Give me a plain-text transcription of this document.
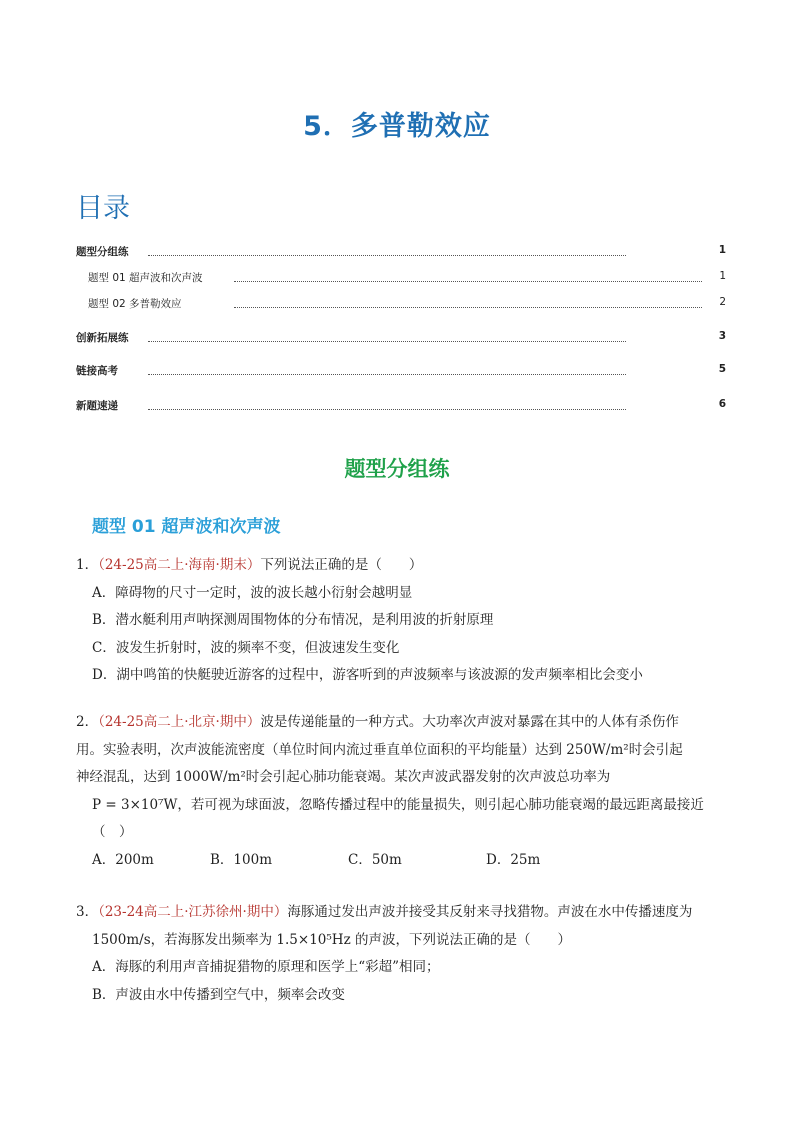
5．多普勒效应
目录
题型分组练	1
题型 01 超声波和次声波	1
题型 02 多普勒效应	2
创新拓展练	3
链接高考	5
新题速递	6
题型分组练
题型 01 超声波和次声波
1．（24-25高二上·海南·期末）下列说法正确的是（　　）
A．障碍物的尺寸一定时，波的波长越小衍射会越明显
B．潜水艇利用声呐探测周围物体的分布情况，是利用波的折射原理
C．波发生折射时，波的频率不变，但波速发生变化
D．湖中鸣笛的快艇驶近游客的过程中，游客听到的声波频率与该波源的发声频率相比会变小
2．（24-25高二上·北京·期中）波是传递能量的一种方式。大功率次声波对暴露在其中的人体有杀伤作
用。实验表明，次声波能流密度（单位时间内流过垂直单位面积的平均能量）达到 250W/m²时会引起
神经混乱，达到 1000W/m²时会引起心肺功能衰竭。某次声波武器发射的次声波总功率为
P = 3×10⁷W，若可视为球面波，忽略传播过程中的能量损失，则引起心肺功能衰竭的最远距离最接近
（　）
A．200m	B．100m	C．50m	D．25m
3．（23-24高二上·江苏徐州·期中）海豚通过发出声波并接受其反射来寻找猎物。声波在水中传播速度为
1500m/s，若海豚发出频率为 1.5×10⁵Hz 的声波，下列说法正确的是（　　）
A．海豚的利用声音捕捉猎物的原理和医学上“彩超”相同；
B．声波由水中传播到空气中，频率会改变
